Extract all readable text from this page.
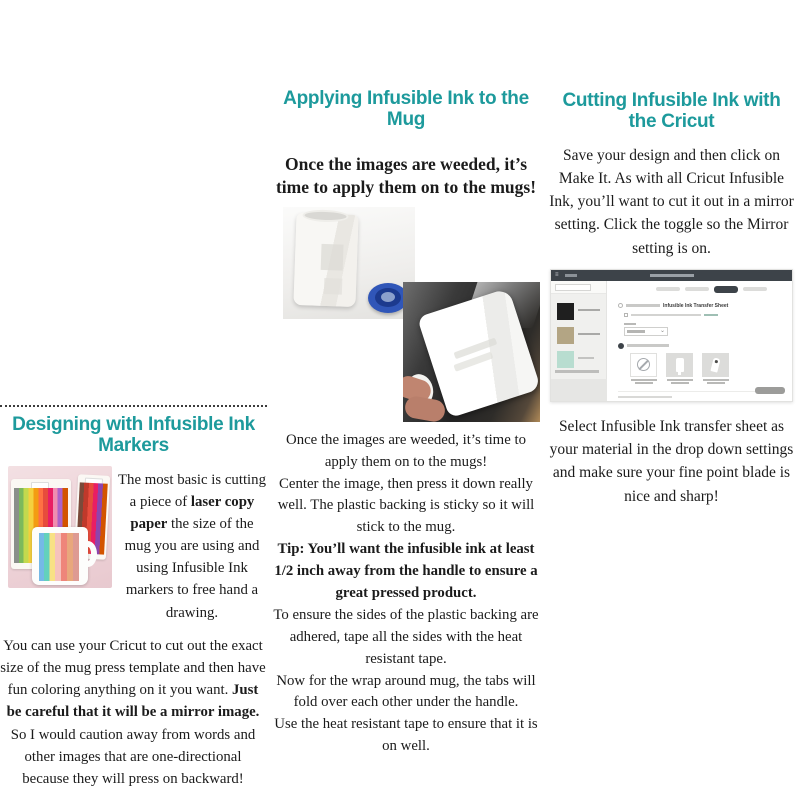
Designing with Infusible Ink Markers
The most basic is cutting a piece of laser copy paper the size of the mug you are using and using Infusible Ink markers to free hand a drawing.
You can use your Cricut to cut out the exact size of the mug press template and then have fun coloring anything on it you want. Just be careful that it will be a mirror image. So I would caution away from words and other images that are one-directional because they will press on backward!
Applying Infusible Ink to the Mug
Once the images are weeded, it’s time to apply them on to the mugs!

Once the images are weeded, it’s time to apply them on to the mugs!

Center the image, then press it down really well. The plastic backing is sticky so it will stick to the mug.

Tip: You’ll want the infusible ink at least 1/2 inch away from the handle to ensure a great pressed product.

To ensure the sides of the plastic backing are adhered, tape all the sides with the heat resistant tape.

Now for the wrap around mug, the tabs will fold over each other under the handle.

Use the heat resistant tape to ensure that it is on well.

Cutting Infusible Ink with the Cricut
Save your design and then click on Make It. As with all Cricut Infusible Ink, you’ll want to cut it out in a mirror setting. Click the toggle so the Mirror setting is on.
≡
Infusible Ink Transfer Sheet
⌄
Select Infusible Ink transfer sheet as your material in the drop down settings and make sure your fine point blade is nice and sharp!
